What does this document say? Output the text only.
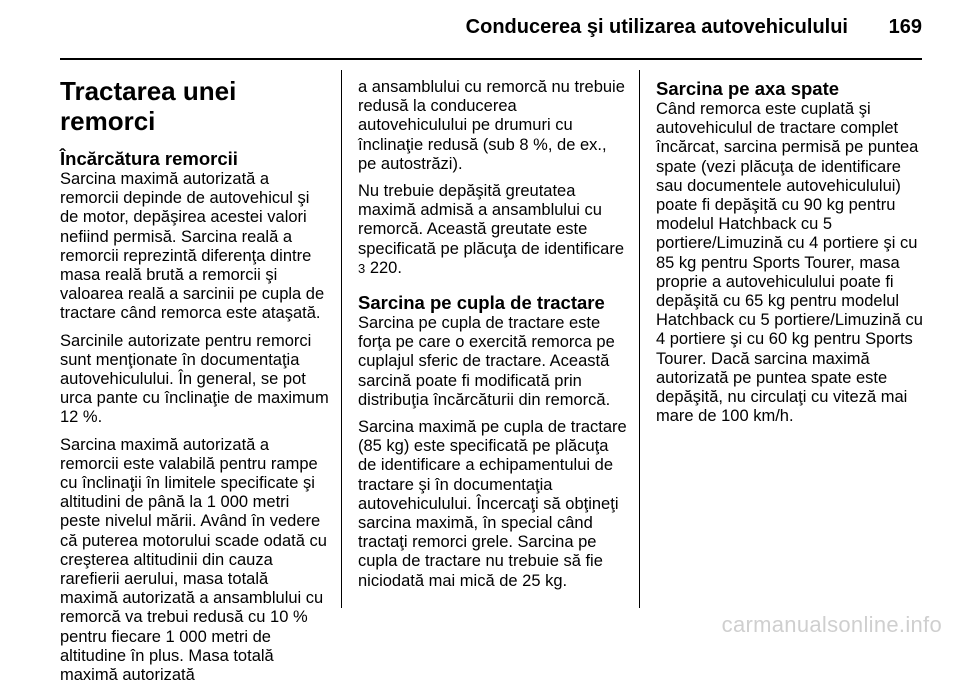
Conducerea şi utilizarea autovehiculului 169
Tractarea unei remorci
Încărcătura remorcii

Sarcina maximă autorizată a remorcii depinde de autovehicul şi de motor, depăşirea acestei valori nefiind permisă. Sarcina reală a remorcii reprezintă diferenţa dintre masa reală brută a remorcii şi valoarea reală a sarcinii pe cupla de tractare când remorca este ataşată.

Sarcinile autorizate pentru remorci sunt menţionate în documentaţia autovehiculului. În general, se pot urca pante cu înclinaţie de maximum 12 %.

Sarcina maximă autorizată a remorcii este valabilă pentru rampe cu înclinaţii în limitele specificate şi altitudini de până la 1 000 metri peste nivelul mării. Având în vedere că puterea motorului scade odată cu creşterea altitudinii din cauza rarefierii aerului, masa totală maximă autorizată a ansamblului cu remorcă va trebui redusă cu 10 % pentru fiecare 1 000 metri de altitudine în plus. Masa totală maximă autorizată

a ansamblului cu remorcă nu trebuie redusă la conducerea autovehiculului pe drumuri cu înclinaţie redusă (sub 8 %, de ex., pe autostrăzi).

Nu trebuie depăşită greutatea maximă admisă a ansamblului cu remorcă. Această greutate este specificată pe plăcuţa de identificare
3 220.

Sarcina pe cupla de tractare

Sarcina pe cupla de tractare este forţa pe care o exercită remorca pe cuplajul sferic de tractare. Această sarcină poate fi modificată prin distribuţia încărcăturii din remorcă.

Sarcina maximă pe cupla de tractare (85 kg) este specificată pe plăcuţa de identificare a echipamentului de tractare şi în documentaţia autovehiculului. Încercaţi să obţineţi sarcina maximă, în special când tractaţi remorci grele. Sarcina pe cupla de tractare nu trebuie să fie niciodată mai mică de 25 kg.

Sarcina pe axa spate

Când remorca este cuplată şi autovehiculul de tractare complet încărcat, sarcina permisă pe puntea spate (vezi plăcuţa de identificare sau documentele autovehiculului) poate fi depăşită cu 90 kg pentru modelul Hatchback cu 5 portiere/Limuzină cu 4 portiere şi cu 85 kg pentru Sports Tourer, masa proprie a autovehiculului poate fi depăşită cu 65 kg pentru modelul Hatchback cu 5 portiere/Limuzină cu 4 portiere şi cu 60 kg pentru Sports Tourer. Dacă sarcina maximă autorizată pe puntea spate este depăşită, nu circulaţi cu viteză mai mare de 100 km/h.

carmanualsonline.info
